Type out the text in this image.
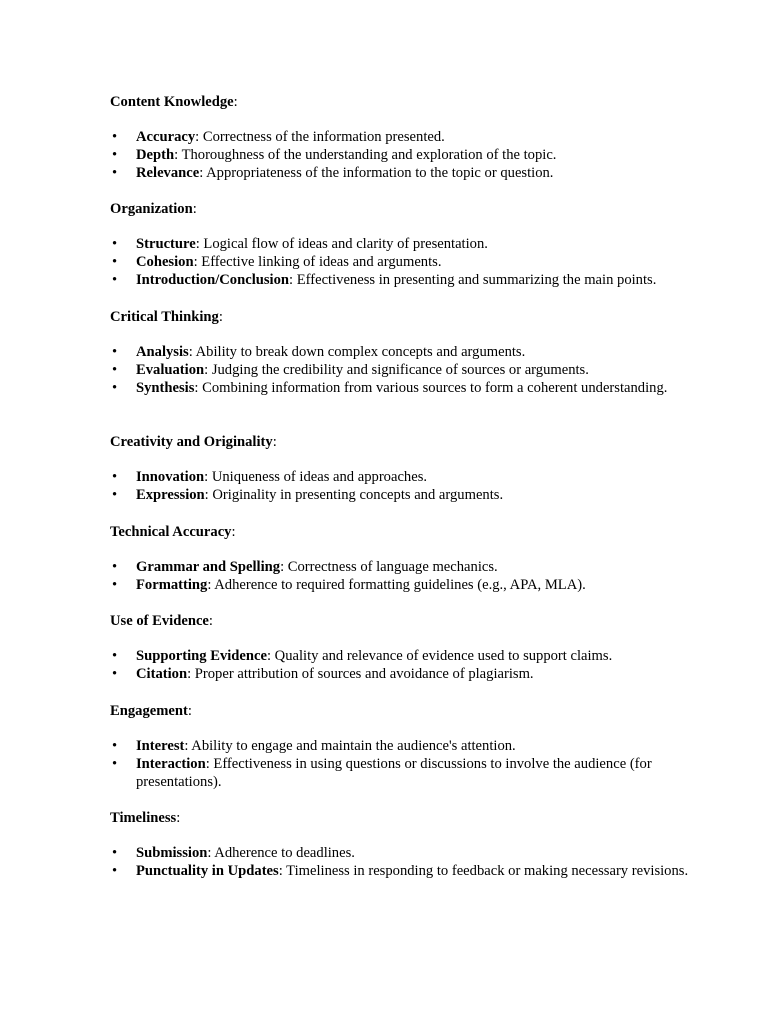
Content Knowledge:

• Accuracy: Correctness of the information presented.
• Depth: Thoroughness of the understanding and exploration of the topic.
• Relevance: Appropriateness of the information to the topic or question.

Organization:

• Structure: Logical flow of ideas and clarity of presentation.
• Cohesion: Effective linking of ideas and arguments.
• Introduction/Conclusion: Effectiveness in presenting and summarizing the main points.

Critical Thinking:

• Analysis: Ability to break down complex concepts and arguments.
• Evaluation: Judging the credibility and significance of sources or arguments.
• Synthesis: Combining information from various sources to form a coherent understanding.

Creativity and Originality:

• Innovation: Uniqueness of ideas and approaches.
• Expression: Originality in presenting concepts and arguments.

Technical Accuracy:

• Grammar and Spelling: Correctness of language mechanics.
• Formatting: Adherence to required formatting guidelines (e.g., APA, MLA).

Use of Evidence:

• Supporting Evidence: Quality and relevance of evidence used to support claims.
• Citation: Proper attribution of sources and avoidance of plagiarism.

Engagement:

• Interest: Ability to engage and maintain the audience's attention.
• Interaction: Effectiveness in using questions or discussions to involve the audience (for presentations).

Timeliness:

• Submission: Adherence to deadlines.
• Punctuality in Updates: Timeliness in responding to feedback or making necessary revisions.
